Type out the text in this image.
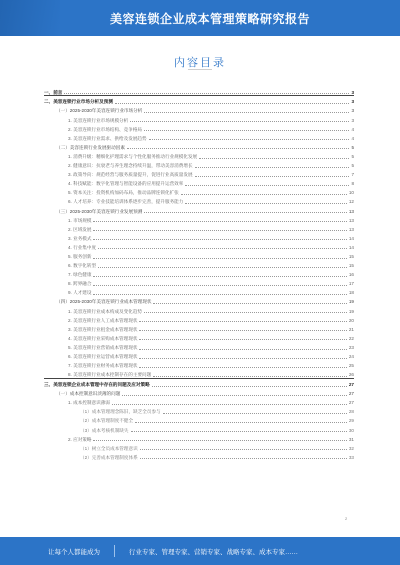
美容连锁企业成本管理策略研究报告
内容目录
一、前言	3
二、美容连锁行业市场分析及预测	3
（一）2025-2030年美容连锁行业市场分析	3
1. 美容连锁行业市场规模分析	3
2. 美容连锁行业市场结构、竞争格局	4
3. 美容连锁行业需求、供给及发展趋势	4
（二）美容连锁行业发展驱动因素	5
1. 消费升级：精细化护理需求与个性化服务推动行业规模化发展	5
2. 健康意识：抗衰老与养生理念持续升温，带动美容消费增长	5
3. 政策导向：规范经营与服务质量提升，促进行业高质量发展	7
4. 科技赋能：数字化管理与智能设备的应用提升运营效率	8
5. 资本关注：投资机构加码布局，推动品牌连锁化扩张	10
6. 人才培养：专业技能培训体系逐步完善，提升服务能力	12
（三）2025-2030年美容连锁行业发展预测	13
1. 市场规模	13
2. 区域发展	13
3. 业务模式	14
4. 行业集中度	14
5. 服务创新	15
6. 数字化转型	15
7. 绿色健康	16
8. 跨界融合	17
9. 人才建设	18
（四）2025-2030年美容连锁行业成本管理现状	19
1. 美容连锁行业成本构成及变化趋势	19
2. 美容连锁行业人工成本管理现状	20
3. 美容连锁行业租金成本管理现状	21
4. 美容连锁行业采购成本管理现状	22
5. 美容连锁行业营销成本管理现状	23
6. 美容连锁行业运营成本管理现状	24
7. 美容连锁行业财务成本管理现状	25
8. 美容连锁行业成本控制存在的主要问题	26
三、美容连锁企业成本管理中存在的问题及应对策略	27
（一）成本控制意识淡薄的问题	27
1. 成本控制意识薄弱	27
（1）成本管理理念陈旧，缺乏全员参与	28
（2）成本管理制度不健全	29
（3）成本考核机制缺失	30
2. 应对策略	31
（1）树立全员成本管理意识	32
（2）完善成本管理制度体系	33
2
让每个人都能成为	行业专家、管理专家、营销专家、战略专家、成本专家……
